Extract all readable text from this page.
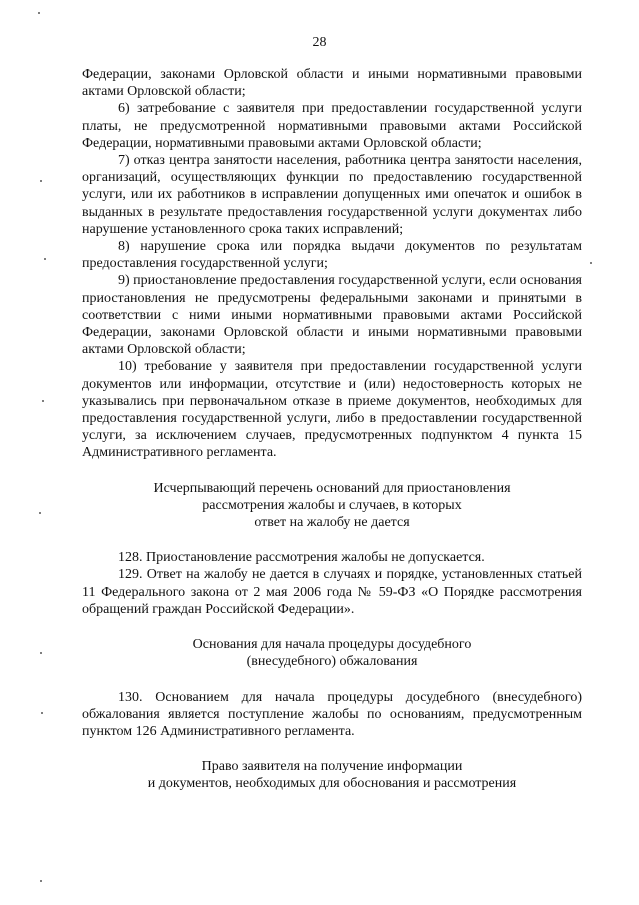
28

Федерации, законами Орловской области и иными нормативными правовыми актами Орловской области;

6) затребование с заявителя при предоставлении государственной услуги платы, не предусмотренной нормативными правовыми актами Российской Федерации, нормативными правовыми актами Орловской области;

7) отказ центра занятости населения, работника центра занятости населения, организаций, осуществляющих функции по предоставлению государственной услуги, или их работников в исправлении допущенных ими опечаток и ошибок в выданных в результате предоставления государственной услуги документах либо нарушение установленного срока таких исправлений;

8) нарушение срока или порядка выдачи документов по результатам предоставления государственной услуги;

9) приостановление предоставления государственной услуги, если основания приостановления не предусмотрены федеральными законами и принятыми в соответствии с ними иными нормативными правовыми актами Российской Федерации, законами Орловской области и иными нормативными правовыми актами Орловской области;

10) требование у заявителя при предоставлении государственной услуги документов или информации, отсутствие и (или) недостоверность которых не указывались при первоначальном отказе в приеме документов, необходимых для предоставления государственной услуги, либо в предоставлении государственной услуги, за исключением случаев, предусмотренных подпунктом 4 пункта 15 Административного регламента.

Исчерпывающий перечень оснований для приостановления

рассмотрения жалобы и случаев, в которых

ответ на жалобу не дается

128. Приостановление рассмотрения жалобы не допускается.

129. Ответ на жалобу не дается в случаях и порядке, установленных статьей 11 Федерального закона от 2 мая 2006 года № 59-ФЗ «О Порядке рассмотрения обращений граждан Российской Федерации».

Основания для начала процедуры досудебного

(внесудебного) обжалования

130. Основанием для начала процедуры досудебного (внесудебного) обжалования является поступление жалобы по основаниям, предусмотренным пунктом 126 Административного регламента.

Право заявителя на получение информации

и документов, необходимых для обоснования и рассмотрения
